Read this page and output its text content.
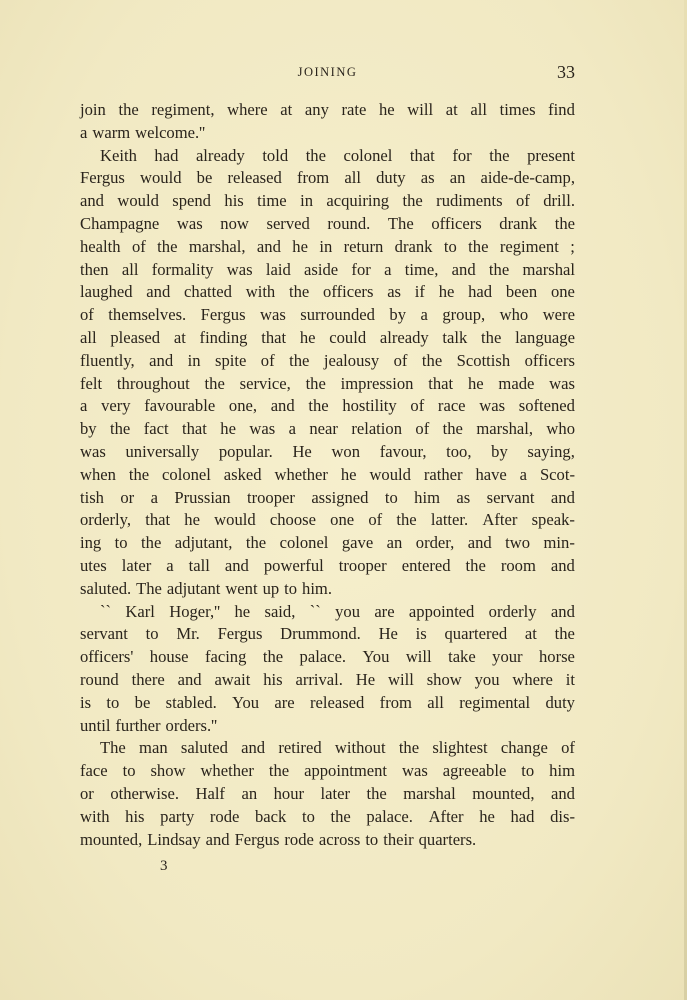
JOINING	33
join the regiment, where at any rate he will at all times find
a warm welcome.''
Keith had already told the colonel that for the present
Fergus would be released from all duty as an aide-de-camp,
and would spend his time in acquiring the rudiments of drill.
Champagne was now served round. The officers drank the
health of the marshal, and he in return drank to the regiment ;
then all formality was laid aside for a time, and the marshal
laughed and chatted with the officers as if he had been one
of themselves. Fergus was surrounded by a group, who were
all pleased at finding that he could already talk the language
fluently, and in spite of the jealousy of the Scottish officers
felt throughout the service, the impression that he made was
a very favourable one, and the hostility of race was softened
by the fact that he was a near relation of the marshal, who
was universally popular. He won favour, too, by saying,
when the colonel asked whether he would rather have a Scot-
tish or a Prussian trooper assigned to him as servant and
orderly, that he would choose one of the latter. After speak-
ing to the adjutant, the colonel gave an order, and two min-
utes later a tall and powerful trooper entered the room and
saluted. The adjutant went up to him.
`` Karl Hoger,'' he said, `` you are appointed orderly and
servant to Mr. Fergus Drummond. He is quartered at the
officers' house facing the palace. You will take your horse
round there and await his arrival. He will show you where it
is to be stabled. You are released from all regimental duty
until further orders.''
The man saluted and retired without the slightest change of
face to show whether the appointment was agreeable to him
or otherwise. Half an hour later the marshal mounted, and
with his party rode back to the palace. After he had dis-
mounted, Lindsay and Fergus rode across to their quarters.
3
